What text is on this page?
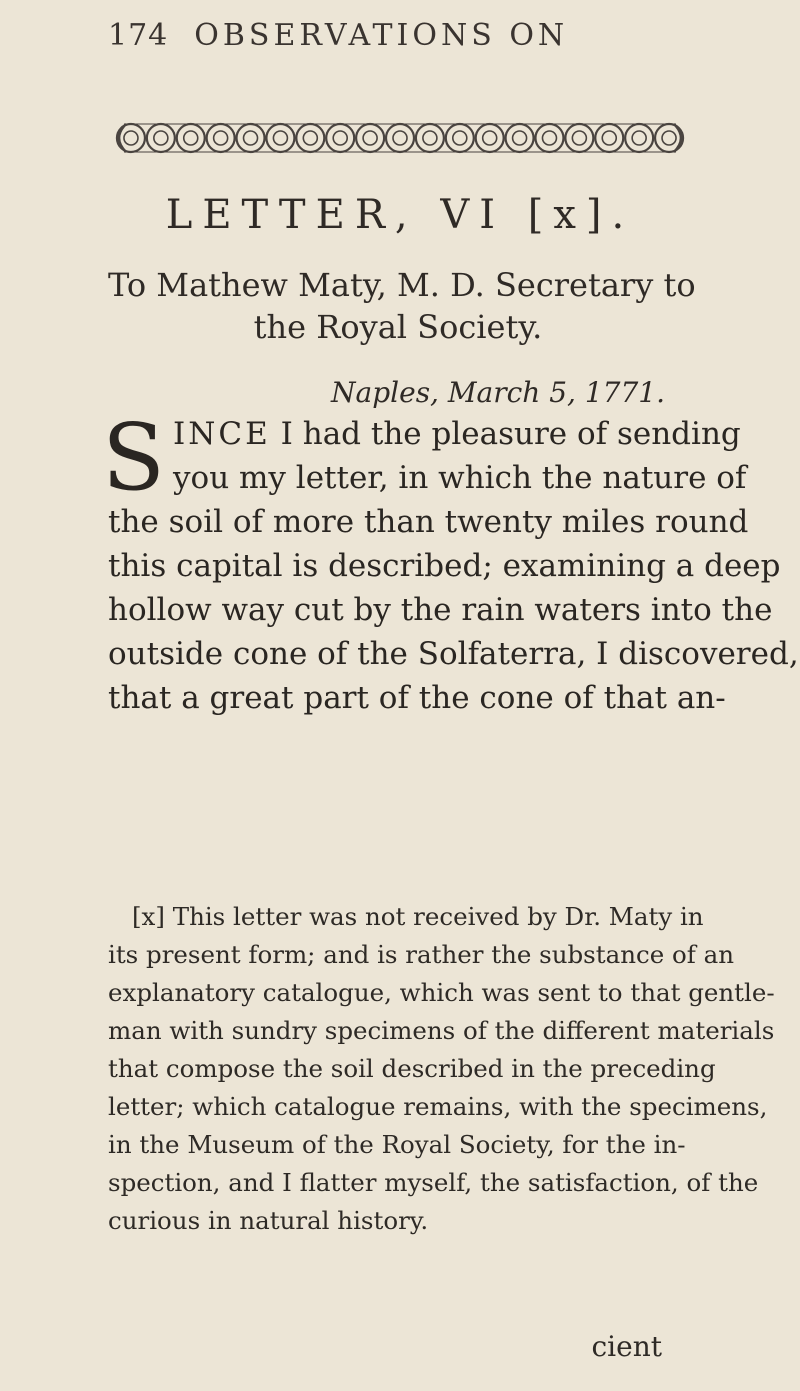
174 OBSERVATIONS ON
LETTER, VI [x].
To Mathew Maty, M. D. Secretary to
the Royal Society.
Naples, March 5, 1771.
S INCE I had the pleasure of sending
you my letter, in which the nature of
the soil of more than twenty miles round
this capital is described; examining a deep
hollow way cut by the rain waters into the
outside cone of the Solfaterra, I discovered,
that a great part of the cone of that an-
[x] This letter was not received by Dr. Maty in
its present form; and is rather the substance of an
explanatory catalogue, which was sent to that gentle-
man with sundry specimens of the different materials
that compose the soil described in the preceding
letter; which catalogue remains, with the specimens,
in the Museum of the Royal Society, for the in-
spection, and I flatter myself, the satisfaction, of the
curious in natural history.
cient
